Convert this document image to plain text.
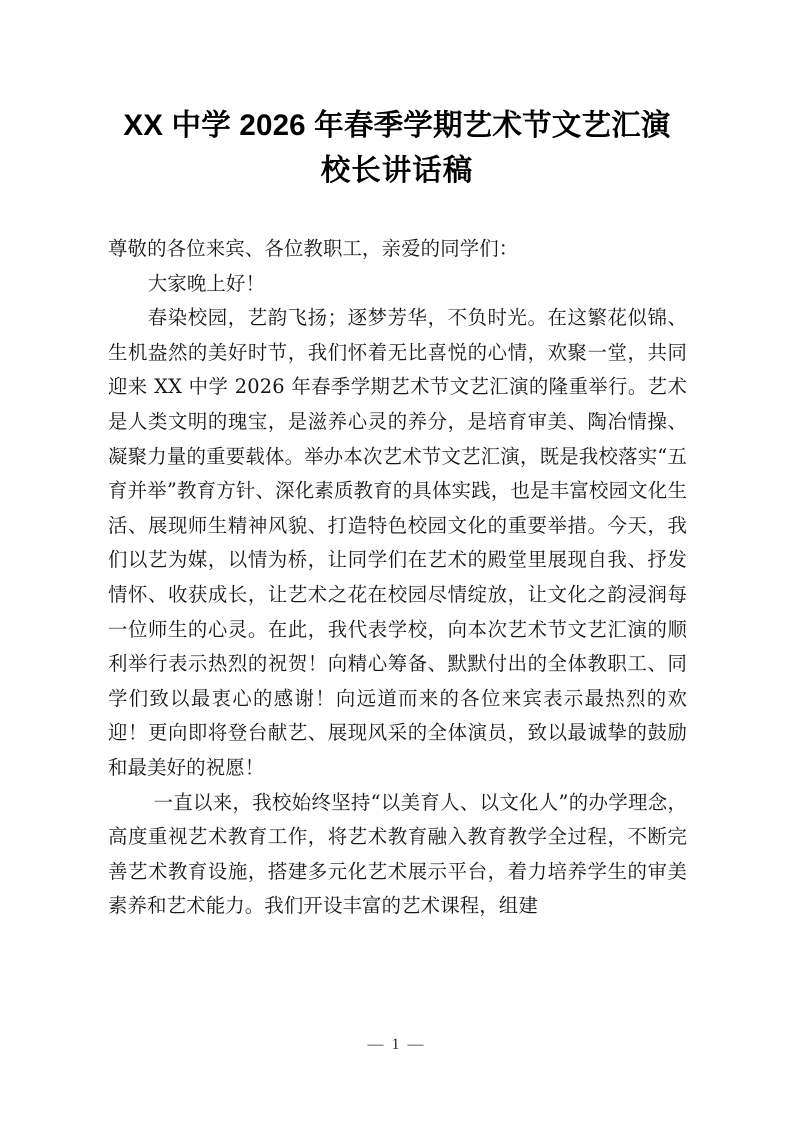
XX 中学 2026 年春季学期艺术节文艺汇演
校长讲话稿

尊敬的各位来宾、各位教职工，亲爱的同学们：

大家晚上好！

春染校园，艺韵飞扬；逐梦芳华，不负时光。在这繁花似锦、生机盎然的美好时节，我们怀着无比喜悦的心情，欢聚一堂，共同迎来 XX 中学 2026 年春季学期艺术节文艺汇演的隆重举行。艺术是人类文明的瑰宝，是滋养心灵的养分，是培育审美、陶冶情操、凝聚力量的重要载体。举办本次艺术节文艺汇演，既是我校落实“五育并举”教育方针、深化素质教育的具体实践，也是丰富校园文化生活、展现师生精神风貌、打造特色校园文化的重要举措。今天，我们以艺为媒，以情为桥，让同学们在艺术的殿堂里展现自我、抒发情怀、收获成长，让艺术之花在校园尽情绽放，让文化之韵浸润每一位师生的心灵。在此，我代表学校，向本次艺术节文艺汇演的顺利举行表示热烈的祝贺！向精心筹备、默默付出的全体教职工、同学们致以最衷心的感谢！向远道而来的各位来宾表示最热烈的欢迎！更向即将登台献艺、展现风采的全体演员，致以最诚挚的鼓励和最美好的祝愿！

一直以来，我校始终坚持“以美育人、以文化人”的办学理念，高度重视艺术教育工作，将艺术教育融入教育教学全过程，不断完善艺术教育设施，搭建多元化艺术展示平台，着力培养学生的审美素养和艺术能力。我们开设丰富的艺术课程，组建

— 1 —
